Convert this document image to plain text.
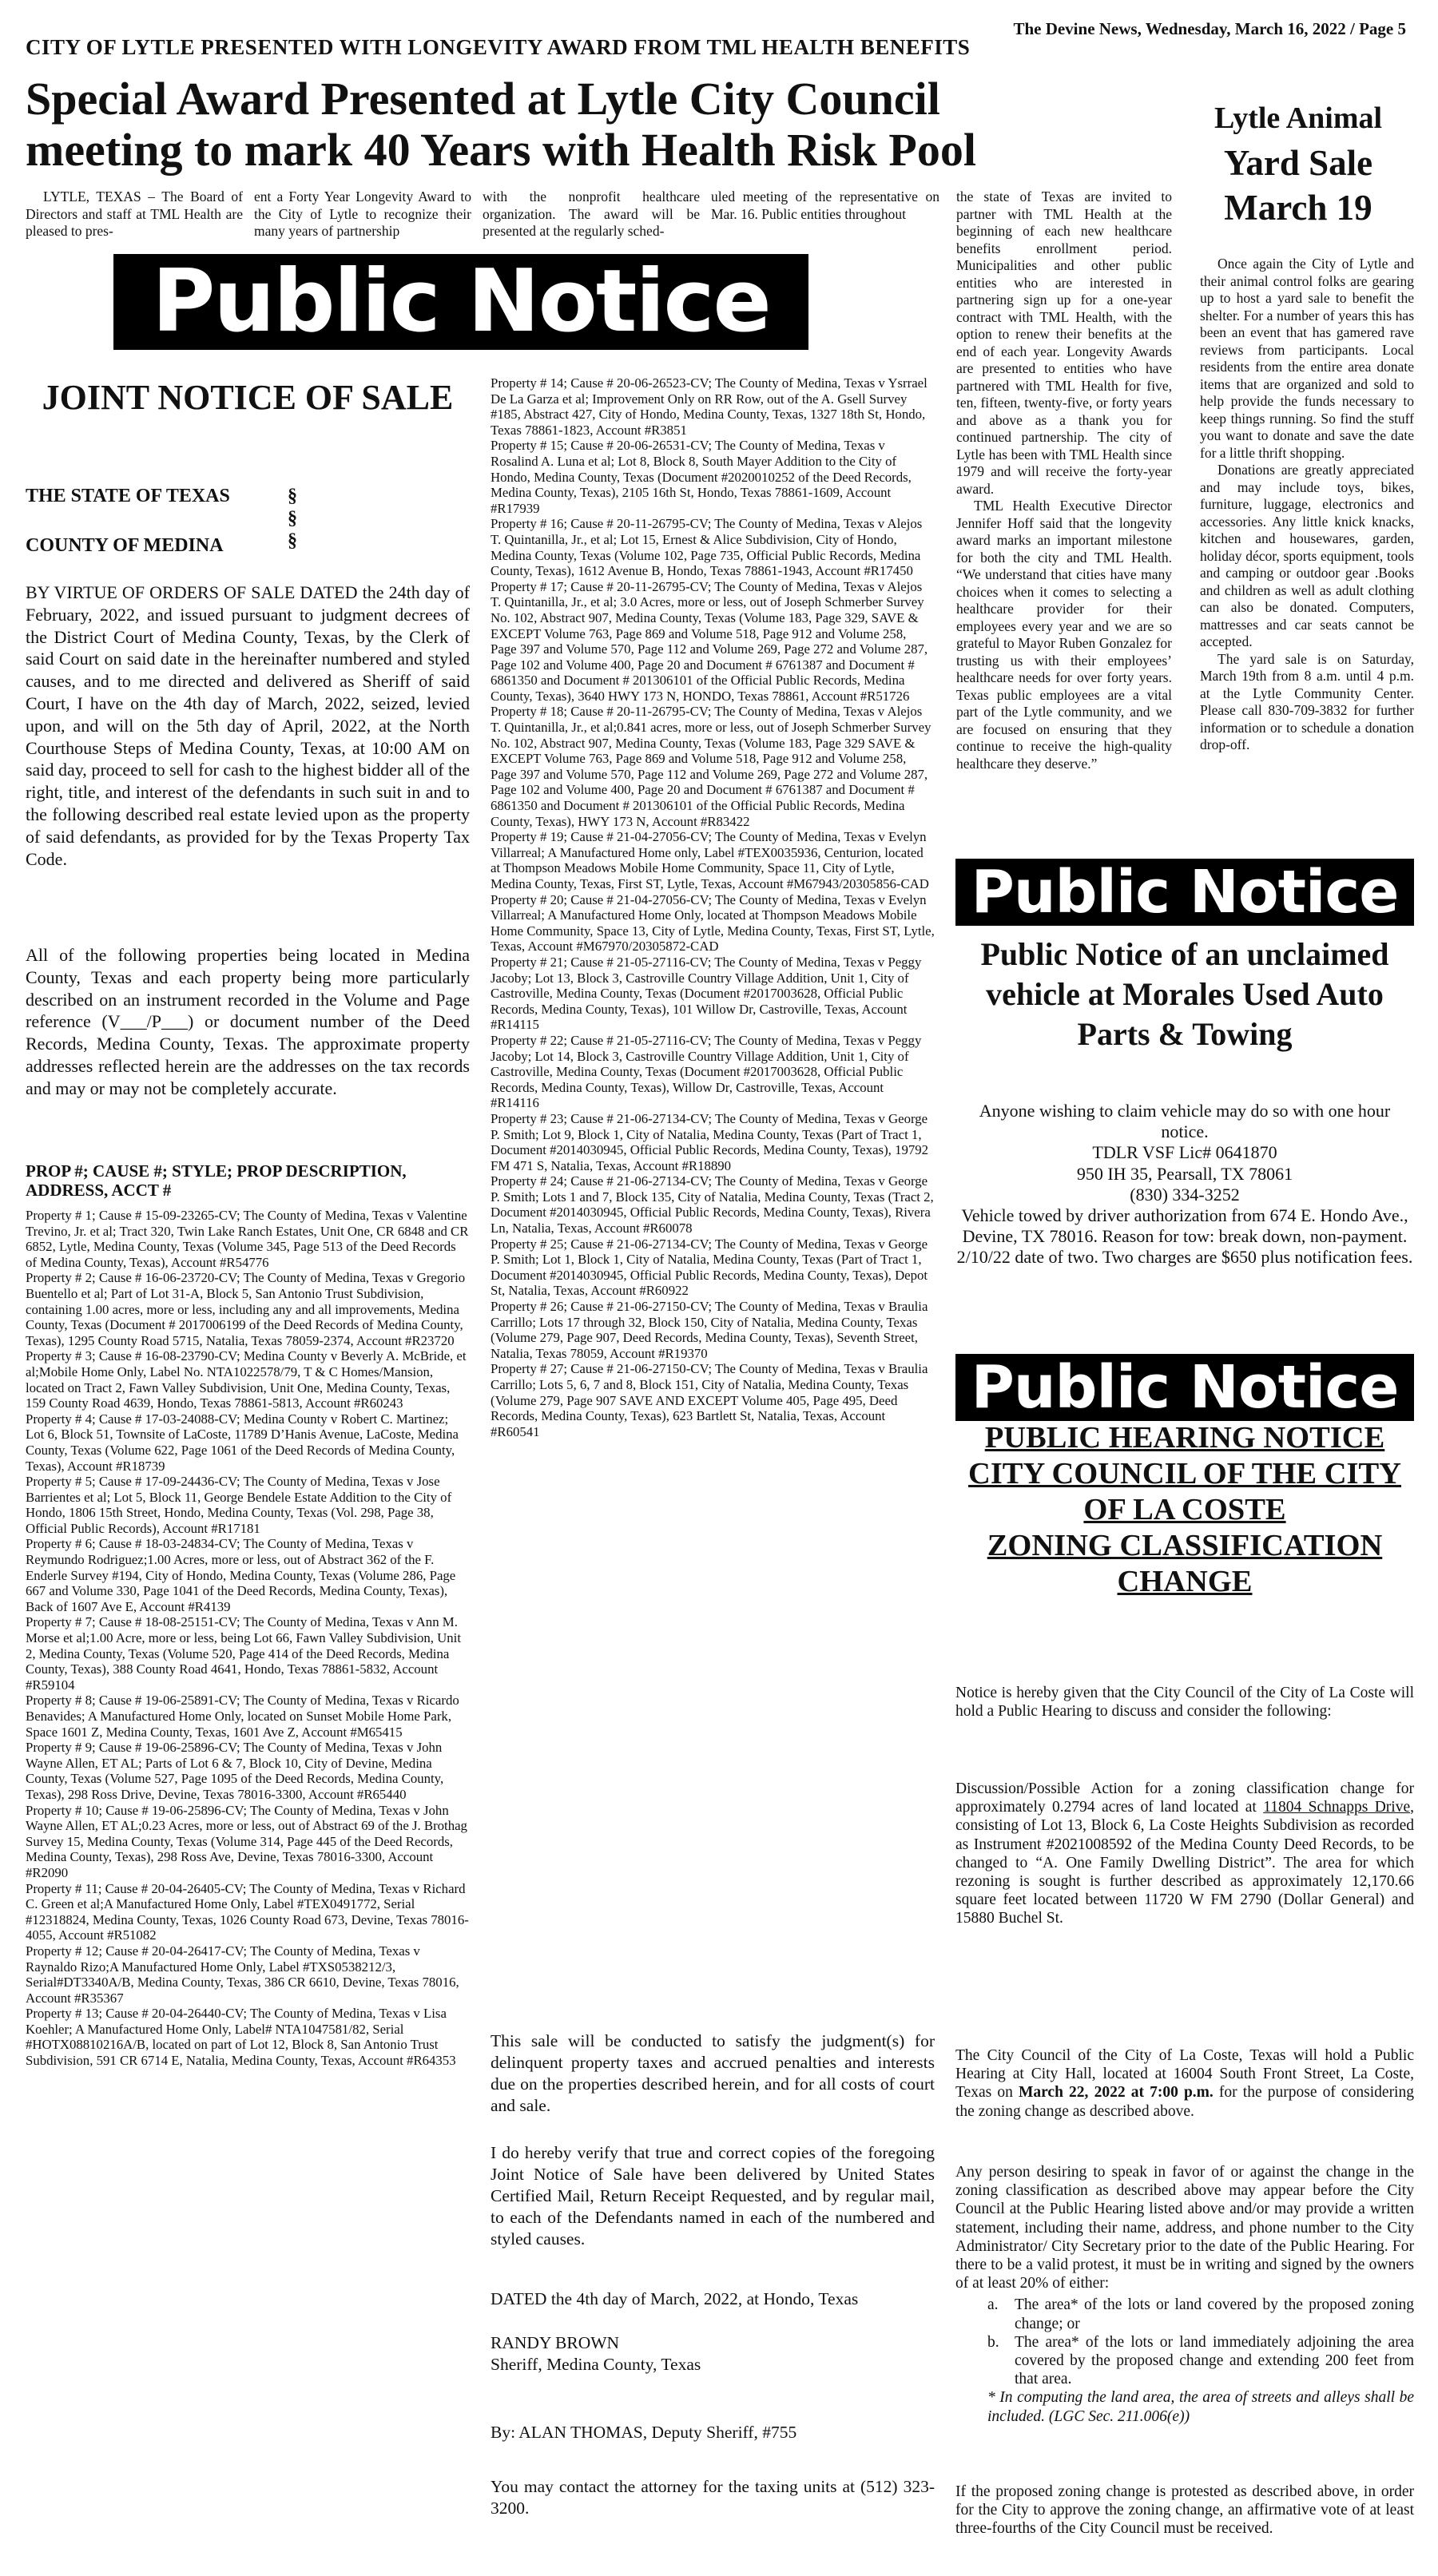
The Devine News, Wednesday, March 16, 2022 / Page 5
CITY OF LYTLE PRESENTED WITH LONGEVITY AWARD FROM TML HEALTH BENEFITS
Special Award Presented at Lytle City Council meeting to mark 40 Years with Health Risk Pool

LYTLE, TEXAS – The Board of Directors and staff at TML Health are pleased to pres-

ent a Forty Year Longevity Award to the City of Lytle to recognize their many years of partnership

with the nonprofit healthcare organization. The award will be presented at the regularly sched-

uled meeting of the representative on Mar. 16. Public entities throughout

the state of Texas are invited to partner with TML Health at the beginning of each new healthcare benefits enrollment period. Municipalities and other public entities who are interested in partnering sign up for a one-year contract with TML Health, with the option to renew their benefits at the end of each year. Longevity Awards are presented to entities who have partnered with TML Health for five, ten, fifteen, twenty-five, or forty years and above as a thank you for continued partnership. The city of Lytle has been with TML Health since 1979 and will receive the forty-year award.

TML Health Executive Director Jennifer Hoff said that the longevity award marks an important milestone for both the city and TML Health. “We understand that cities have many choices when it comes to selecting a healthcare provider for their employees every year and we are so grateful to Mayor Ruben Gonzalez for trusting us with their employees’ healthcare needs for over forty years. Texas public employees are a vital part of the Lytle community, and we are focused on ensuring that they continue to receive the high-quality healthcare they deserve.”

Public Notice
JOINT NOTICE OF SALE
THE STATE OF TEXAS
COUNTY OF MEDINA
§
§
§

BY VIRTUE OF ORDERS OF SALE DATED the 24th day of February, 2022, and issued pursuant to judgment decrees of the District Court of Medina County, Texas, by the Clerk of said Court on said date in the hereinafter numbered and styled causes, and to me directed and delivered as Sheriff of said Court, I have on the 4th day of March, 2022, seized, levied upon, and will on the 5th day of April, 2022, at the North Courthouse Steps of Medina County, Texas, at 10:00 AM on said day, proceed to sell for cash to the highest bidder all of the right, title, and interest of the defendants in such suit in and to the following described real estate levied upon as the property of said defendants, as provided for by the Texas Property Tax Code.

All of the following properties being located in Medina County, Texas and each property being more particularly described on an instrument recorded in the Volume and Page reference (V___/P___) or document number of the Deed Records, Medina County, Texas. The approximate property addresses reflected herein are the addresses on the tax records and may or may not be completely accurate.

PROP #; CAUSE #; STYLE; PROP DESCRIPTION, ADDRESS, ACCT #

Property # 1; Cause # 15-09-23265-CV; The County of Medina, Texas v Valentine Trevino, Jr. et al; Tract 320, Twin Lake Ranch Estates, Unit One, CR 6848 and CR 6852, Lytle, Medina County, Texas (Volume 345, Page 513 of the Deed Records of Medina County, Texas), Account #R54776

Property # 2; Cause # 16-06-23720-CV; The County of Medina, Texas v Gregorio Buentello et al; Part of Lot 31-A, Block 5, San Antonio Trust Subdivision, containing 1.00 acres, more or less, including any and all improvements, Medina County, Texas (Document # 2017006199 of the Deed Records of Medina County, Texas), 1295 County Road 5715, Natalia, Texas 78059-2374, Account #R23720

Property # 3; Cause # 16-08-23790-CV; Medina County v Beverly A. McBride, et al;Mobile Home Only, Label No. NTA1022578/79, T & C Homes/Mansion, located on Tract 2, Fawn Valley Subdivision, Unit One, Medina County, Texas, 159 County Road 4639, Hondo, Texas 78861-5813, Account #R60243

Property # 4; Cause # 17-03-24088-CV; Medina County v Robert C. Martinez; Lot 6, Block 51, Townsite of LaCoste, 11789 D’Hanis Avenue, LaCoste, Medina County, Texas (Volume 622, Page 1061 of the Deed Records of Medina County, Texas), Account #R18739

Property # 5; Cause # 17-09-24436-CV; The County of Medina, Texas v Jose Barrientes et al; Lot 5, Block 11, George Bendele Estate Addition to the City of Hondo, 1806 15th Street, Hondo, Medina County, Texas (Vol. 298, Page 38, Official Public Records), Account #R17181

Property # 6; Cause # 18-03-24834-CV; The County of Medina, Texas v Reymundo Rodriguez;1.00 Acres, more or less, out of Abstract 362 of the F. Enderle Survey #194, City of Hondo, Medina County, Texas (Volume 286, Page 667 and Volume 330, Page 1041 of the Deed Records, Medina County, Texas), Back of 1607 Ave E, Account #R4139

Property # 7; Cause # 18-08-25151-CV; The County of Medina, Texas v Ann M. Morse et al;1.00 Acre, more or less, being Lot 66, Fawn Valley Subdivision, Unit 2, Medina County, Texas (Volume 520, Page 414 of the Deed Records, Medina County, Texas), 388 County Road 4641, Hondo, Texas 78861-5832, Account #R59104

Property # 8; Cause # 19-06-25891-CV; The County of Medina, Texas v Ricardo Benavides; A Manufactured Home Only, located on Sunset Mobile Home Park, Space 1601 Z, Medina County, Texas, 1601 Ave Z, Account #M65415

Property # 9; Cause # 19-06-25896-CV; The County of Medina, Texas v John Wayne Allen, ET AL; Parts of Lot 6 & 7, Block 10, City of Devine, Medina County, Texas (Volume 527, Page 1095 of the Deed Records, Medina County, Texas), 298 Ross Drive, Devine, Texas 78016-3300, Account #R65440

Property # 10; Cause # 19-06-25896-CV; The County of Medina, Texas v John Wayne Allen, ET AL;0.23 Acres, more or less, out of Abstract 69 of the J. Brothag Survey 15, Medina County, Texas (Volume 314, Page 445 of the Deed Records, Medina County, Texas), 298 Ross Ave, Devine, Texas 78016-3300, Account #R2090

Property # 11; Cause # 20-04-26405-CV; The County of Medina, Texas v Richard C. Green et al;A Manufactured Home Only, Label #TEX0491772, Serial #12318824, Medina County, Texas, 1026 County Road 673, Devine, Texas 78016-4055, Account #R51082

Property # 12; Cause # 20-04-26417-CV; The County of Medina, Texas v Raynaldo Rizo;A Manufactured Home Only, Label #TXS0538212/3, Serial#DT3340A/B, Medina County, Texas, 386 CR 6610, Devine, Texas 78016, Account #R35367

Property # 13; Cause # 20-04-26440-CV; The County of Medina, Texas v Lisa Koehler; A Manufactured Home Only, Label# NTA1047581/82, Serial #HOTX08810216A/B, located on part of Lot 12, Block 8, San Antonio Trust Subdivision, 591 CR 6714 E, Natalia, Medina County, Texas, Account #R64353

Property # 14; Cause # 20-06-26523-CV; The County of Medina, Texas v Ysrrael De La Garza et al; Improvement Only on RR Row, out of the A. Gsell Survey #185, Abstract 427, City of Hondo, Medina County, Texas, 1327 18th St, Hondo, Texas 78861-1823, Account #R3851

Property # 15; Cause # 20-06-26531-CV; The County of Medina, Texas v Rosalind A. Luna et al; Lot 8, Block 8, South Mayer Addition to the City of Hondo, Medina County, Texas (Document #2020010252 of the Deed Records, Medina County, Texas), 2105 16th St, Hondo, Texas 78861-1609, Account #R17939

Property # 16; Cause # 20-11-26795-CV; The County of Medina, Texas v Alejos T. Quintanilla, Jr., et al; Lot 15, Ernest & Alice Subdivision, City of Hondo, Medina County, Texas (Volume 102, Page 735, Official Public Records, Medina County, Texas), 1612 Avenue B, Hondo, Texas 78861-1943, Account #R17450

Property # 17; Cause # 20-11-26795-CV; The County of Medina, Texas v Alejos T. Quintanilla, Jr., et al; 3.0 Acres, more or less, out of Joseph Schmerber Survey No. 102, Abstract 907, Medina County, Texas (Volume 183, Page 329, SAVE & EXCEPT Volume 763, Page 869 and Volume 518, Page 912 and Volume 258, Page 397 and Volume 570, Page 112 and Volume 269, Page 272 and Volume 287, Page 102 and Volume 400, Page 20 and Document # 6761387 and Document # 6861350 and Document # 201306101 of the Official Public Records, Medina County, Texas), 3640 HWY 173 N, HONDO, Texas 78861, Account #R51726

Property # 18; Cause # 20-11-26795-CV; The County of Medina, Texas v Alejos T. Quintanilla, Jr., et al;0.841 acres, more or less, out of Joseph Schmerber Survey No. 102, Abstract 907, Medina County, Texas (Volume 183, Page 329 SAVE & EXCEPT Volume 763, Page 869 and Volume 518, Page 912 and Volume 258, Page 397 and Volume 570, Page 112 and Volume 269, Page 272 and Volume 287, Page 102 and Volume 400, Page 20 and Document # 6761387 and Document # 6861350 and Document # 201306101 of the Official Public Records, Medina County, Texas), HWY 173 N, Account #R83422

Property # 19; Cause # 21-04-27056-CV; The County of Medina, Texas v Evelyn Villarreal; A Manufactured Home only, Label #TEX0035936, Centurion, located at Thompson Meadows Mobile Home Community, Space 11, City of Lytle, Medina County, Texas, First ST, Lytle, Texas, Account #M67943/20305856-CAD

Property # 20; Cause # 21-04-27056-CV; The County of Medina, Texas v Evelyn Villarreal; A Manufactured Home Only, located at Thompson Meadows Mobile Home Community, Space 13, City of Lytle, Medina County, Texas, First ST, Lytle, Texas, Account #M67970/20305872-CAD

Property # 21; Cause # 21-05-27116-CV; The County of Medina, Texas v Peggy Jacoby; Lot 13, Block 3, Castroville Country Village Addition, Unit 1, City of Castroville, Medina County, Texas (Document #2017003628, Official Public Records, Medina County, Texas), 101 Willow Dr, Castroville, Texas, Account #R14115

Property # 22; Cause # 21-05-27116-CV; The County of Medina, Texas v Peggy Jacoby; Lot 14, Block 3, Castroville Country Village Addition, Unit 1, City of Castroville, Medina County, Texas (Document #2017003628, Official Public Records, Medina County, Texas), Willow Dr, Castroville, Texas, Account #R14116

Property # 23; Cause # 21-06-27134-CV; The County of Medina, Texas v George P. Smith; Lot 9, Block 1, City of Natalia, Medina County, Texas (Part of Tract 1, Document #2014030945, Official Public Records, Medina County, Texas), 19792 FM 471 S, Natalia, Texas, Account #R18890

Property # 24; Cause # 21-06-27134-CV; The County of Medina, Texas v George P. Smith; Lots 1 and 7, Block 135, City of Natalia, Medina County, Texas (Tract 2, Document #2014030945, Official Public Records, Medina County, Texas), Rivera Ln, Natalia, Texas, Account #R60078

Property # 25; Cause # 21-06-27134-CV; The County of Medina, Texas v George P. Smith; Lot 1, Block 1, City of Natalia, Medina County, Texas (Part of Tract 1, Document #2014030945, Official Public Records, Medina County, Texas), Depot St, Natalia, Texas, Account #R60922

Property # 26; Cause # 21-06-27150-CV; The County of Medina, Texas v Braulia Carrillo; Lots 17 through 32, Block 150, City of Natalia, Medina County, Texas (Volume 279, Page 907, Deed Records, Medina County, Texas), Seventh Street, Natalia, Texas 78059, Account #R19370

Property # 27; Cause # 21-06-27150-CV; The County of Medina, Texas v Braulia Carrillo; Lots 5, 6, 7 and 8, Block 151, City of Natalia, Medina County, Texas (Volume 279, Page 907 SAVE AND EXCEPT Volume 405, Page 495, Deed Records, Medina County, Texas), 623 Bartlett St, Natalia, Texas, Account #R60541

This sale will be conducted to satisfy the judgment(s) for delinquent property taxes and accrued penalties and interests due on the properties described herein, and for all costs of court and sale.

I do hereby verify that true and correct copies of the foregoing Joint Notice of Sale have been delivered by United States Certified Mail, Return Receipt Requested, and by regular mail, to each of the Defendants named in each of the numbered and styled causes.

DATED the 4th day of March, 2022, at Hondo, Texas

RANDY BROWN
Sheriff, Medina County, Texas

By: ALAN THOMAS, Deputy Sheriff, #755

You may contact the attorney for the taxing units at (512) 323-3200.

Lytle Animal
Yard Sale
March 19

Once again the City of Lytle and their animal control folks are gearing up to host a yard sale to benefit the shelter. For a number of years this has been an event that has gamered rave reviews from participants. Local residents from the entire area donate items that are organized and sold to help provide the funds necessary to keep things running. So find the stuff you want to donate and save the date for a little thrift shopping.

Donations are greatly appreciated and may include toys, bikes, furniture, luggage, electronics and accessories. Any little knick knacks, kitchen and housewares, garden, holiday décor, sports equipment, tools and camping or outdoor gear .Books and children as well as adult clothing can also be donated. Computers, mattresses and car seats cannot be accepted.

The yard sale is on Saturday, March 19th from 8 a.m. until 4 p.m. at the Lytle Community Center. Please call 830-709-3832 for further information or to schedule a donation drop-off.

Public Notice
Public Notice of an unclaimed vehicle at Morales Used Auto Parts & Towing
Anyone wishing to claim vehicle may do so with one hour notice.
TDLR VSF Lic# 0641870
950 IH 35, Pearsall, TX 78061
(830) 334-3252
Vehicle towed by driver authorization from 674 E. Hondo Ave., Devine, TX 78016. Reason for tow: break down, non-payment.
2/10/22 date of two. Two charges are $650 plus notification fees.
Public Notice
PUBLIC HEARING NOTICE
CITY COUNCIL OF THE CITY OF LA COSTE
ZONING CLASSIFICATION CHANGE

Notice is hereby given that the City Council of the City of La Coste will hold a Public Hearing to discuss and consider the following:

Discussion/Possible Action for a zoning classification change for approximately 0.2794 acres of land located at 11804 Schnapps Drive, consisting of Lot 13, Block 6, La Coste Heights Subdivision as recorded as Instrument #2021008592 of the Medina County Deed Records, to be changed to “A. One Family Dwelling District”. The area for which rezoning is sought is further described as approximately 12,170.66 square feet located between 11720 W FM 2790 (Dollar General) and 15880 Buchel St.

The City Council of the City of La Coste, Texas will hold a Public Hearing at City Hall, located at 16004 South Front Street, La Coste, Texas on March 22, 2022 at 7:00 p.m. for the purpose of considering the zoning change as described above.

Any person desiring to speak in favor of or against the change in the zoning classification as described above may appear before the City Council at the Public Hearing listed above and/or may provide a written statement, including their name, address, and phone number to the City Administrator/ City Secretary prior to the date of the Public Hearing. For there to be a valid protest, it must be in writing and signed by the owners of at least 20% of either:

a.	The area* of the lots or land covered by the proposed zoning change; or
b. The area* of the lots or land immediately adjoining the area covered by the proposed change and extending 200 feet from that area.

* In computing the land area, the area of streets and alleys shall be included. (LGC Sec. 211.006(e))

If the proposed zoning change is protested as described above, in order for the City to approve the zoning change, an affirmative vote of at least three-fourths of the City Council must be received.
